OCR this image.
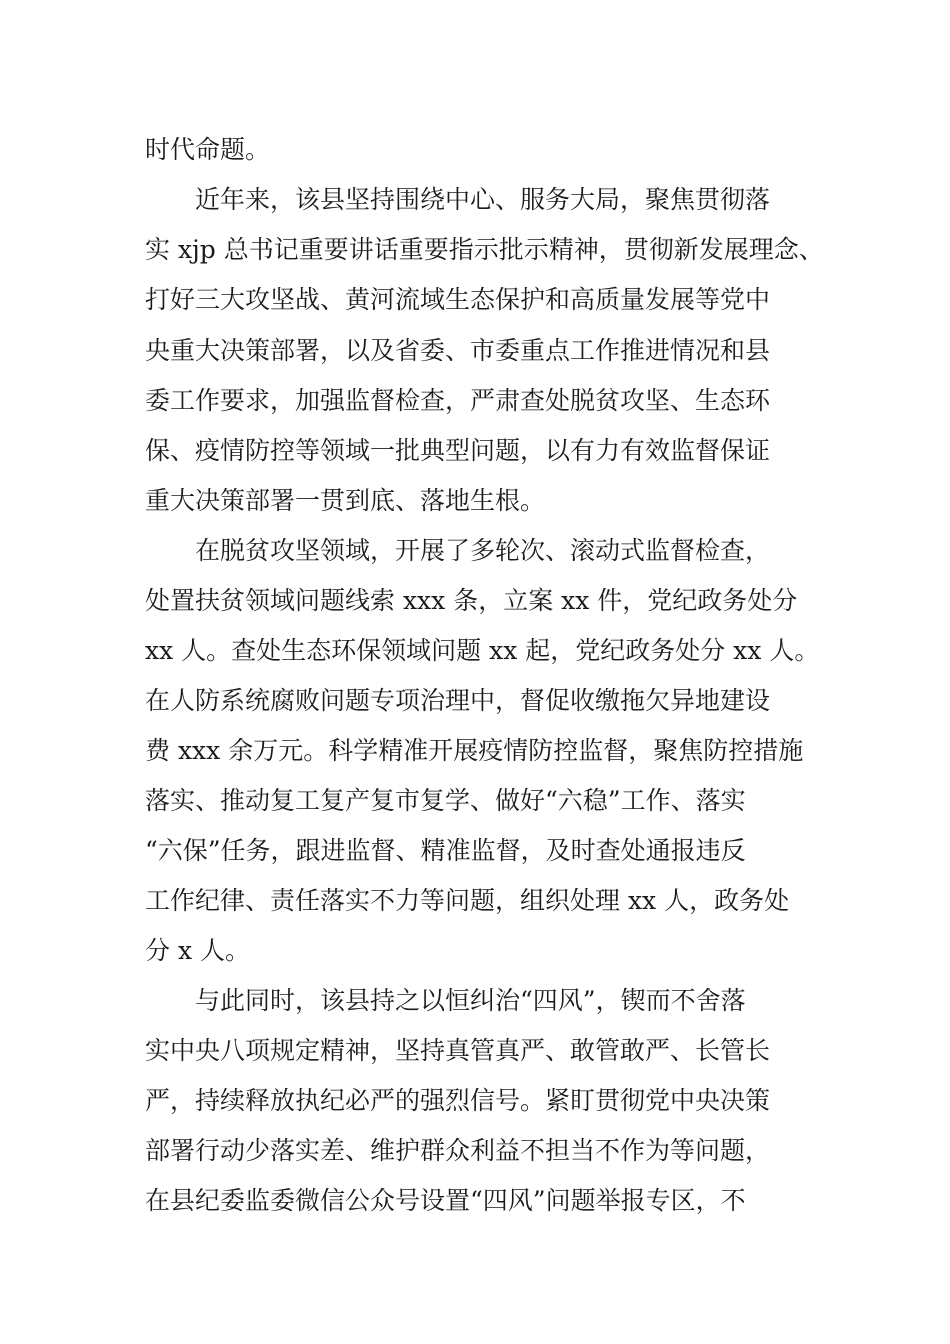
时代命题。
近年来，该县坚持围绕中心、服务大局，聚焦贯彻落
实 xjp 总书记重要讲话重要指示批示精神，贯彻新发展理念、
打好三大攻坚战、黄河流域生态保护和高质量发展等党中
央重大决策部署，以及省委、市委重点工作推进情况和县
委工作要求，加强监督检查，严肃查处脱贫攻坚、生态环
保、疫情防控等领域一批典型问题，以有力有效监督保证
重大决策部署一贯到底、落地生根。
在脱贫攻坚领域，开展了多轮次、滚动式监督检查，
处置扶贫领域问题线索 xxx 条，立案 xx 件，党纪政务处分
xx 人。查处生态环保领域问题 xx 起，党纪政务处分 xx 人。
在人防系统腐败问题专项治理中，督促收缴拖欠异地建设
费 xxx 余万元。科学精准开展疫情防控监督，聚焦防控措施
落实、推动复工复产复市复学、做好“六稳”工作、落实
“六保”任务，跟进监督、精准监督，及时查处通报违反
工作纪律、责任落实不力等问题，组织处理 xx 人，政务处
分 x 人。
与此同时，该县持之以恒纠治“四风”，锲而不舍落
实中央八项规定精神，坚持真管真严、敢管敢严、长管长
严，持续释放执纪必严的强烈信号。紧盯贯彻党中央决策
部署行动少落实差、维护群众利益不担当不作为等问题，
在县纪委监委微信公众号设置“四风”问题举报专区，不
